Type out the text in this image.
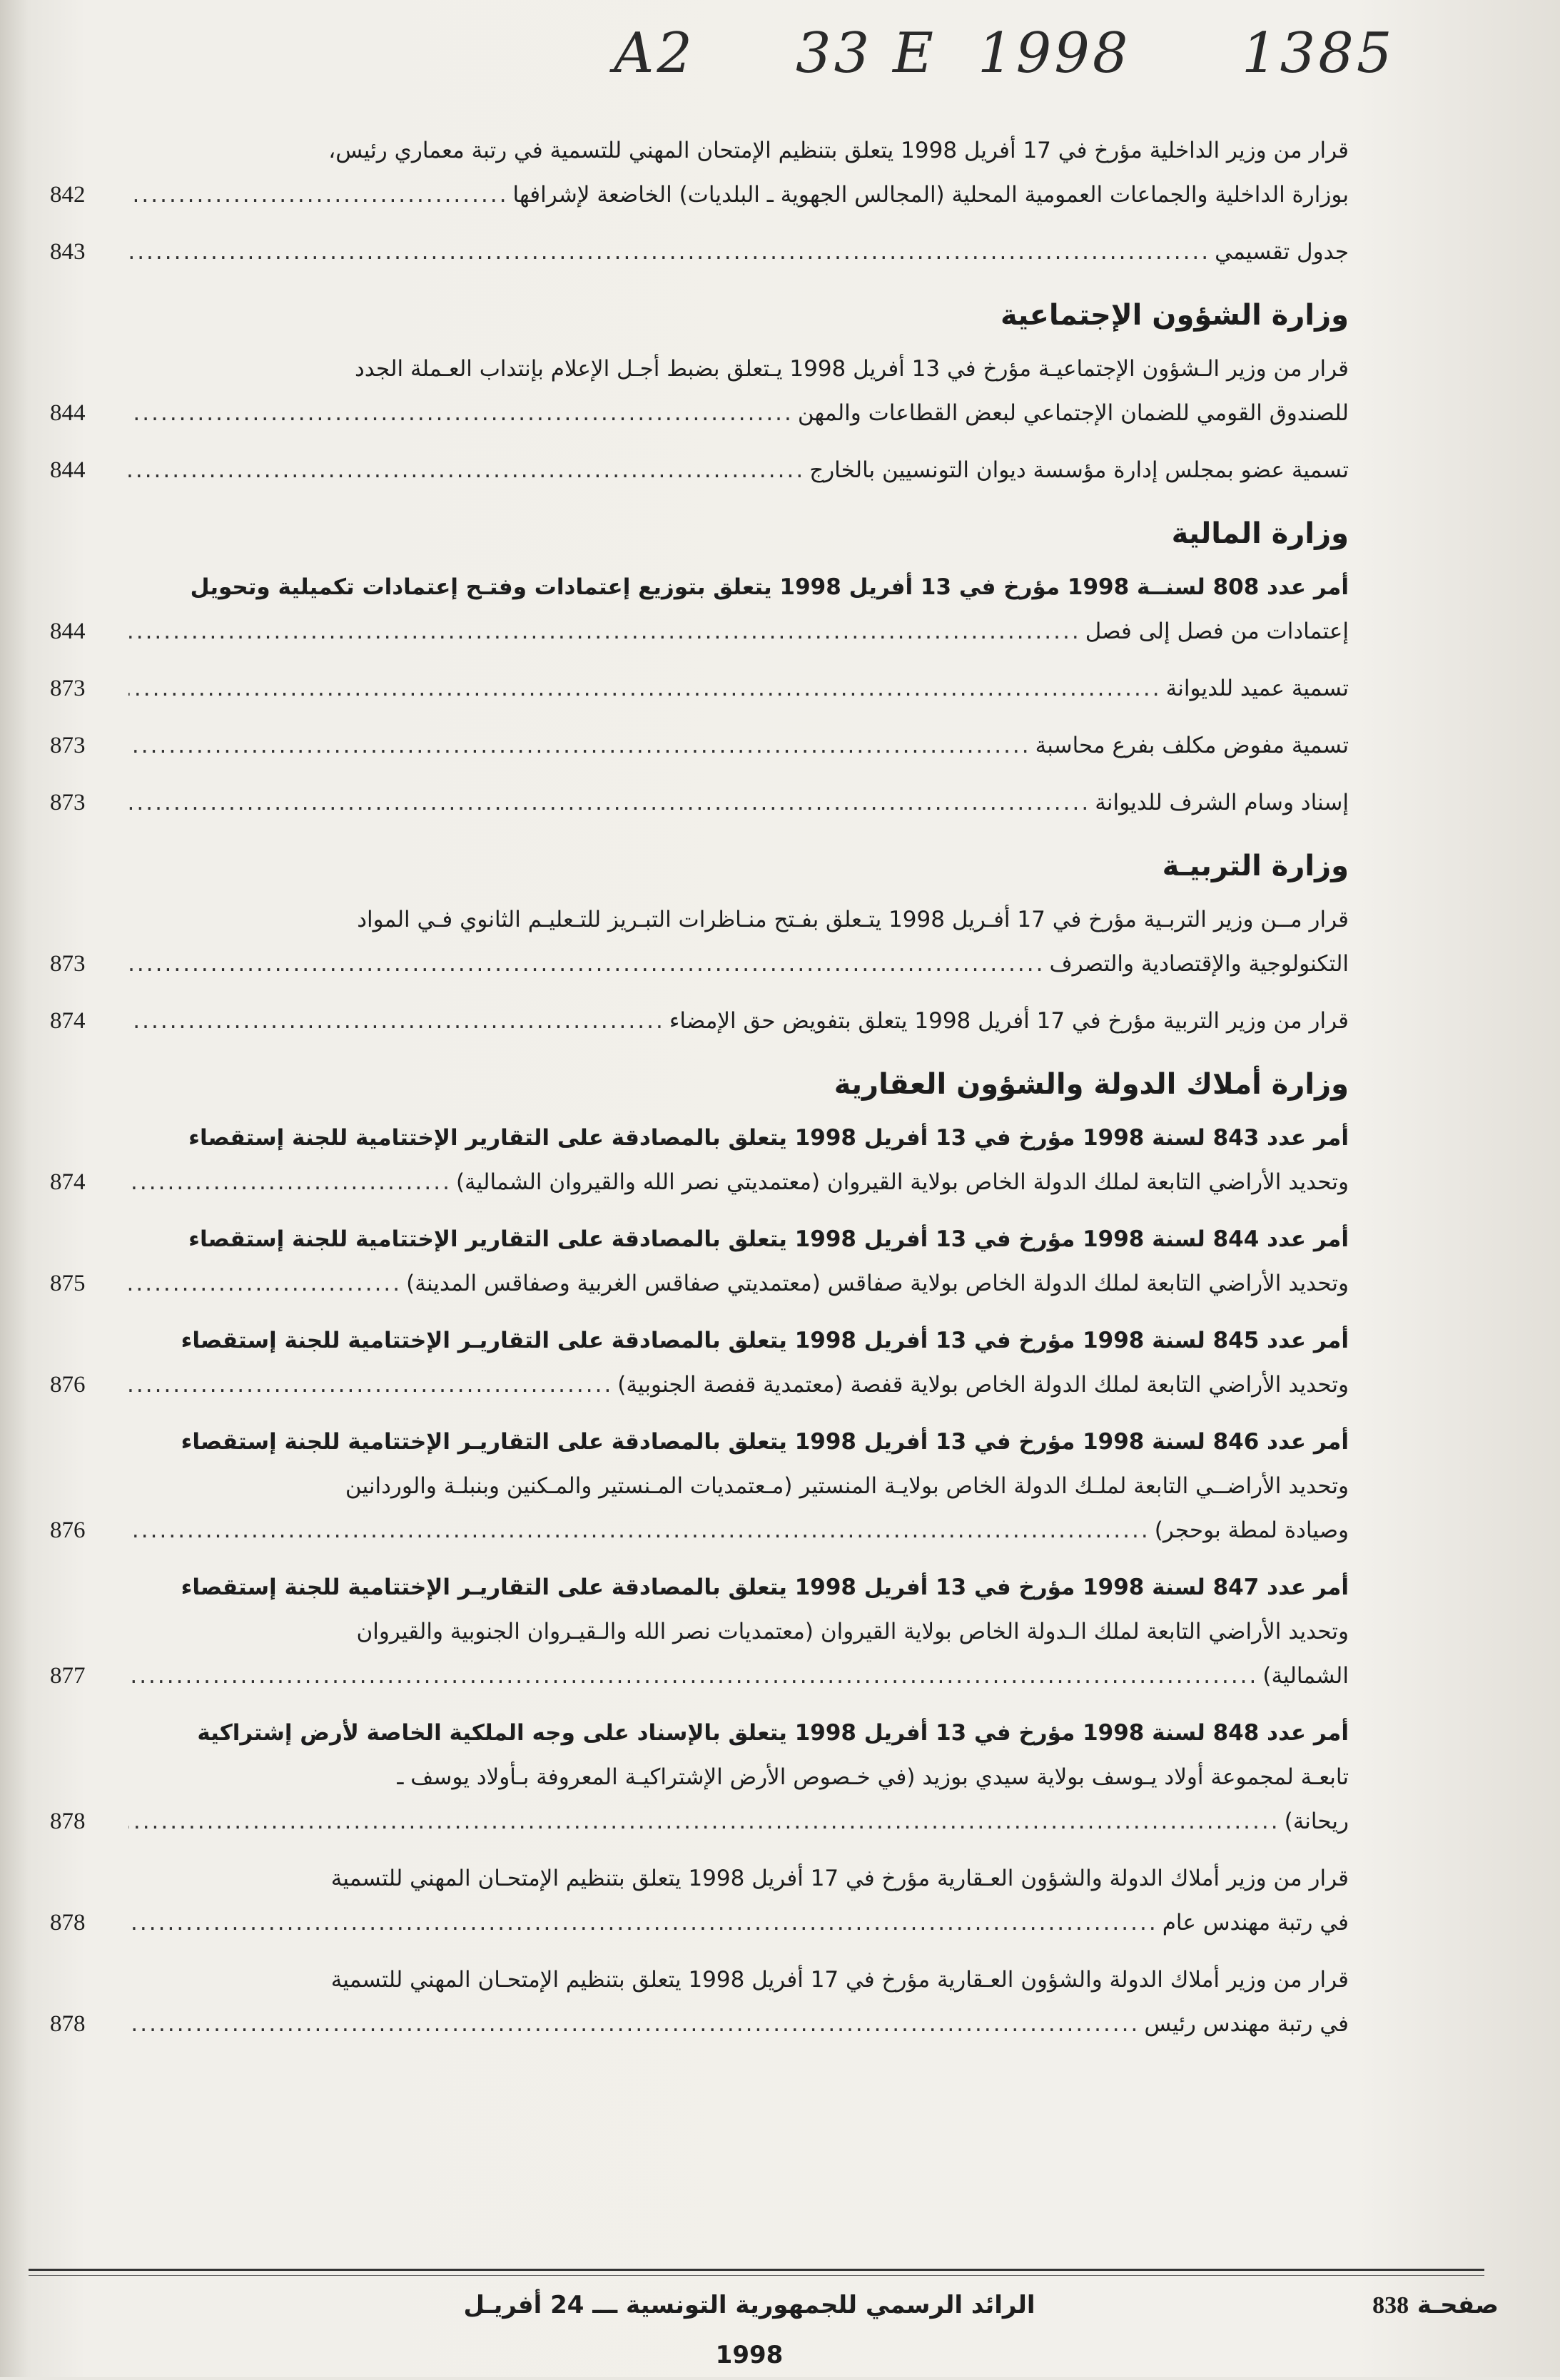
A2 33 E 1998 1385
قرار من وزير الداخلية مؤرخ في 17 أفريل 1998 يتعلق بتنظيم الإمتحان المهني للتسمية في رتبة معماري رئيس،
بوزارة الداخلية والجماعات العمومية المحلية (المجالس الجهوية ـ البلديات) الخاضعة لإشرافها
.....
842
جدول تقسيمي
.....
843
وزارة الشؤون الإجتماعية
قرار من وزير الـشؤون الإجتماعيـة مؤرخ في 13 أفريل 1998 يـتعلق بضبط أجـل الإعلام بإنتداب العـملة الجدد
للصندوق القومي للضمان الإجتماعي لبعض القطاعات والمهن
.....
844
تسمية عضو بمجلس إدارة مؤسسة ديوان التونسيين بالخارج
.....
844
وزارة المالية
أمر عدد 808 لسنــة 1998 مؤرخ في 13 أفريل 1998 يتعلق بتوزيع إعتمادات وفتـح إعتمادات تكميلية وتحويل
إعتمادات من فصل إلى فصل
.....
844
تسمية عميد للديوانة
.....
873
تسمية مفوض مكلف بفرع محاسبة
.....
873
إسناد وسام الشرف للديوانة
.....
873
وزارة التربيـة
قرار مــن وزير التربـية مؤرخ في 17 أفـريل 1998 يتـعلق بفـتح منـاظرات التبـريز للتـعليـم الثانوي فـي المواد
التكنولوجية والإقتصادية والتصرف
.....
873
قرار من وزير التربية مؤرخ في 17 أفريل 1998 يتعلق بتفويض حق الإمضاء
.....
874
وزارة أملاك الدولة والشؤون العقارية
أمر عدد 843 لسنة 1998 مؤرخ في 13 أفريل 1998 يتعلق بالمصادقة على التقارير الإختتامية للجنة إستقصاء
وتحديد الأراضي التابعة لملك الدولة الخاص بولاية القيروان (معتمديتي نصر الله والقيروان الشمالية)
.....
874
أمر عدد 844 لسنة 1998 مؤرخ في 13 أفريل 1998 يتعلق بالمصادقة على التقارير الإختتامية للجنة إستقصاء
وتحديد الأراضي التابعة لملك الدولة الخاص بولاية صفاقس (معتمديتي صفاقس الغربية وصفاقس المدينة)
.....
875
أمر عدد 845 لسنة 1998 مؤرخ في 13 أفريل 1998 يتعلق بالمصادقة على التقاريـر الإختتامية للجنة إستقصاء
وتحديد الأراضي التابعة لملك الدولة الخاص بولاية قفصة (معتمدية قفصة الجنوبية)
.....
876
أمر عدد 846 لسنة 1998 مؤرخ في 13 أفريل 1998 يتعلق بالمصادقة على التقاريـر الإختتامية للجنة إستقصاء
وتحديد الأراضــي التابعة لملـك الدولة الخاص بولايـة المنستير (مـعتمديات المـنستير والمـكنين وبنبلـة والوردانين
وصيادة لمطة بوحجر)
.....
876
أمر عدد 847 لسنة 1998 مؤرخ في 13 أفريل 1998 يتعلق بالمصادقة على التقاريـر الإختتامية للجنة إستقصاء
وتحديد الأراضي التابعة لملك الـدولة الخاص بولاية القيروان (معتمديات نصر الله والـقيـروان الجنوبية والقيروان
الشمالية)
.....
877
أمر عدد 848 لسنة 1998 مؤرخ في 13 أفريل 1998 يتعلق بالإسناد على وجه الملكية الخاصة لأرض إشتراكية
تابعـة لمجموعة أولاد يـوسف بولاية سيدي بوزيد (في خـصوص الأرض الإشتراكيـة المعروفة بـأولاد يوسف ـ
ريحانة)
.....
878
قرار من وزير أملاك الدولة والشؤون العـقارية مؤرخ في 17 أفريل 1998 يتعلق بتنظيم الإمتحـان المهني للتسمية
في رتبة مهندس عام
.....
878
قرار من وزير أملاك الدولة والشؤون العـقارية مؤرخ في 17 أفريل 1998 يتعلق بتنظيم الإمتحـان المهني للتسمية
في رتبة مهندس رئيس
.....
878
الرائد الرسمي للجمهورية التونسية ـــ 24 أفريـل 1998
صفحـة 838
